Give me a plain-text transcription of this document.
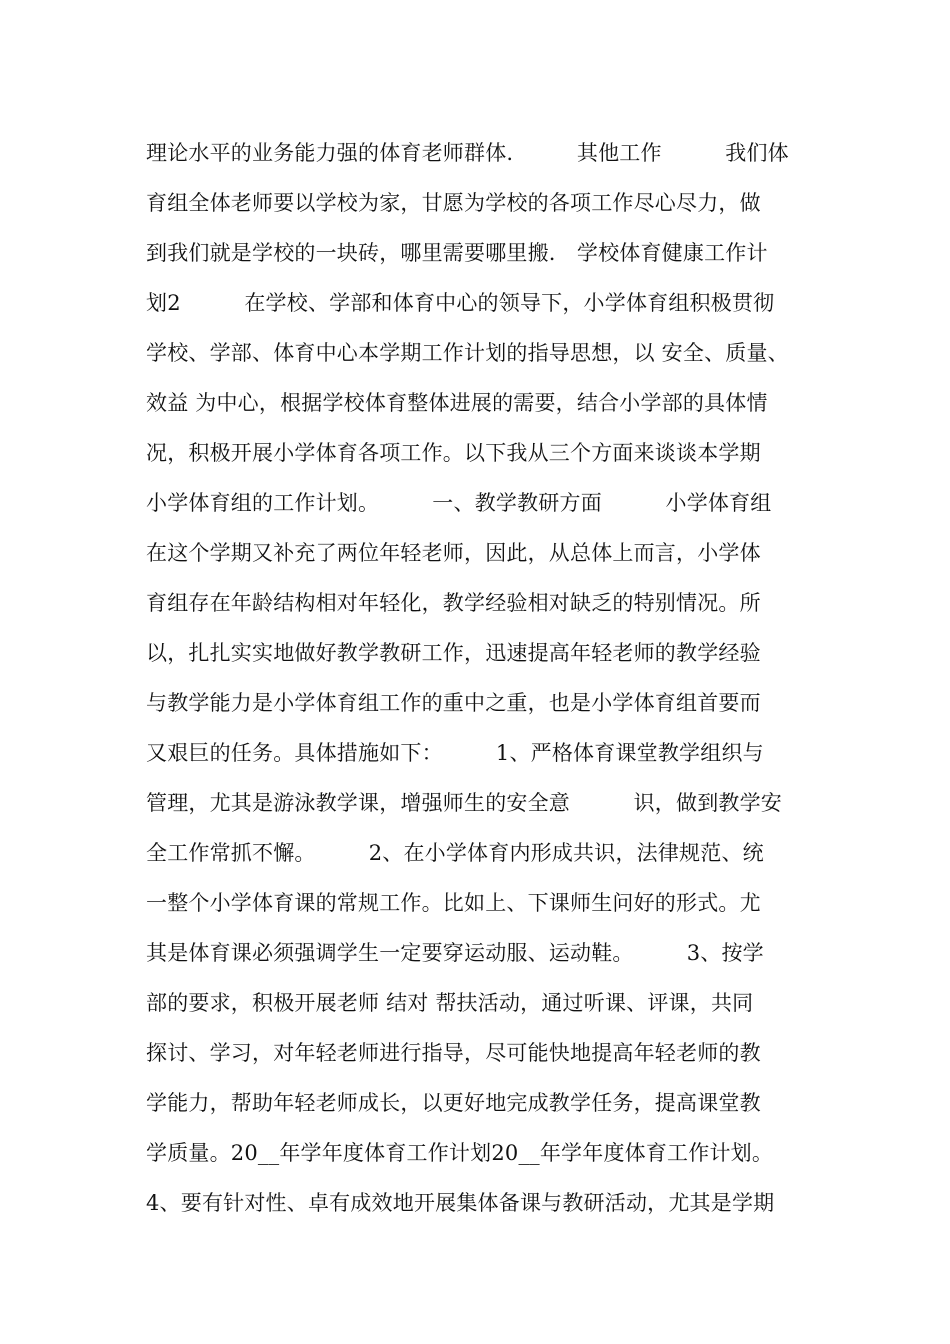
理论水平的业务能力强的体育老师群体.　　　其他工作　　　我们体
育组全体老师要以学校为家，甘愿为学校的各项工作尽心尽力，做
到我们就是学校的一块砖，哪里需要哪里搬.　学校体育健康工作计
划2　　　在学校、学部和体育中心的领导下，小学体育组积极贯彻
学校、学部、体育中心本学期工作计划的指导思想，以 安全、质量、
效益 为中心，根据学校体育整体进展的需要，结合小学部的具体情
况，积极开展小学体育各项工作。以下我从三个方面来谈谈本学期
小学体育组的工作计划。　　　一、教学教研方面　　　小学体育组
在这个学期又补充了两位年轻老师，因此，从总体上而言，小学体
育组存在年龄结构相对年轻化，教学经验相对缺乏的特别情况。所
以，扎扎实实地做好教学教研工作，迅速提高年轻老师的教学经验
与教学能力是小学体育组工作的重中之重，也是小学体育组首要而
又艰巨的任务。具体措施如下：　　　1、严格体育课堂教学组织与
管理，尤其是游泳教学课，增强师生的安全意　　　识，做到教学安
全工作常抓不懈。　　　2、在小学体育内形成共识，法律规范、统
一整个小学体育课的常规工作。比如上、下课师生问好的形式。尤
其是体育课必须强调学生一定要穿运动服、运动鞋。　　　3、按学
部的要求，积极开展老师 结对 帮扶活动，通过听课、评课，共同
探讨、学习，对年轻老师进行指导，尽可能快地提高年轻老师的教
学能力，帮助年轻老师成长，以更好地完成教学任务，提高课堂教
学质量。20__年学年度体育工作计划20__年学年度体育工作计划。
4、要有针对性、卓有成效地开展集体备课与教研活动，尤其是学期
